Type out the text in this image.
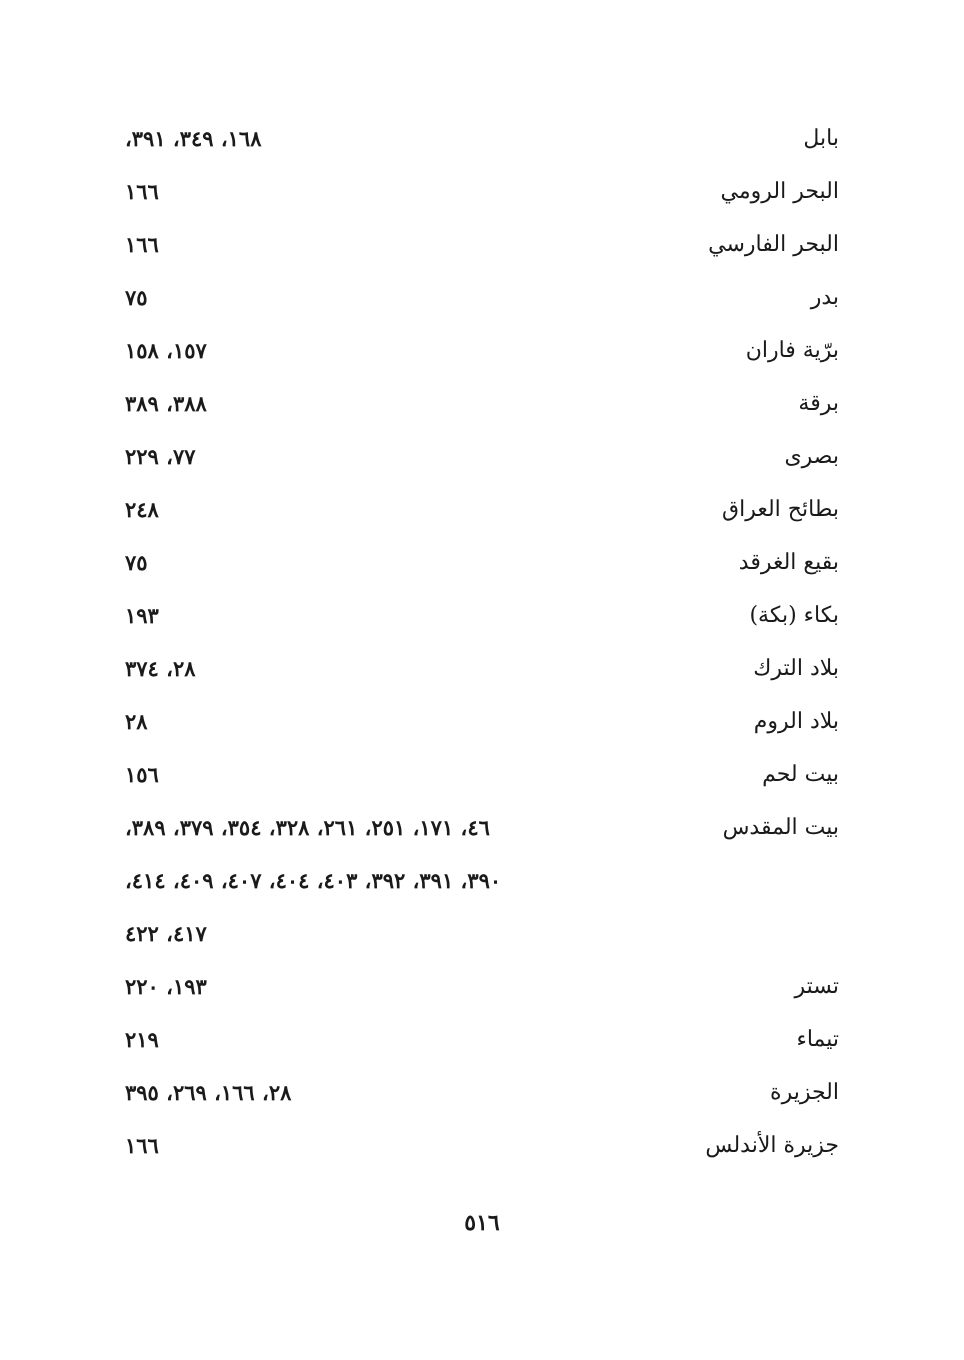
بابل
١٦٨، ٣٤٩، ٣٩١،
البحر الرومي
١٦٦
البحر الفارسي
١٦٦
بدر
٧٥
برّية فاران
١٥٧، ١٥٨
برقة
٣٨٨، ٣٨٩
بصرى
٧٧، ٢٢٩
بطائح العراق
٢٤٨
بقيع الغرقد
٧٥
بكاء (بكة)
١٩٣
بلاد الترك
٢٨، ٣٧٤
بلاد الروم
٢٨
بيت لحم
١٥٦
بيت المقدس
٤٦، ١٧١، ٢٥١، ٢٦١، ٣٢٨، ٣٥٤، ٣٧٩، ٣٨٩،
٣٩٠، ٣٩١، ٣٩٢، ٤٠٣، ٤٠٤، ٤٠٧، ٤٠٩، ٤١٤،
٤١٧، ٤٢٢
تستر
١٩٣، ٢٢٠
تيماء
٢١٩
الجزيرة
٢٨، ١٦٦، ٢٦٩، ٣٩٥
جزيرة الأندلس
١٦٦
٥١٦
